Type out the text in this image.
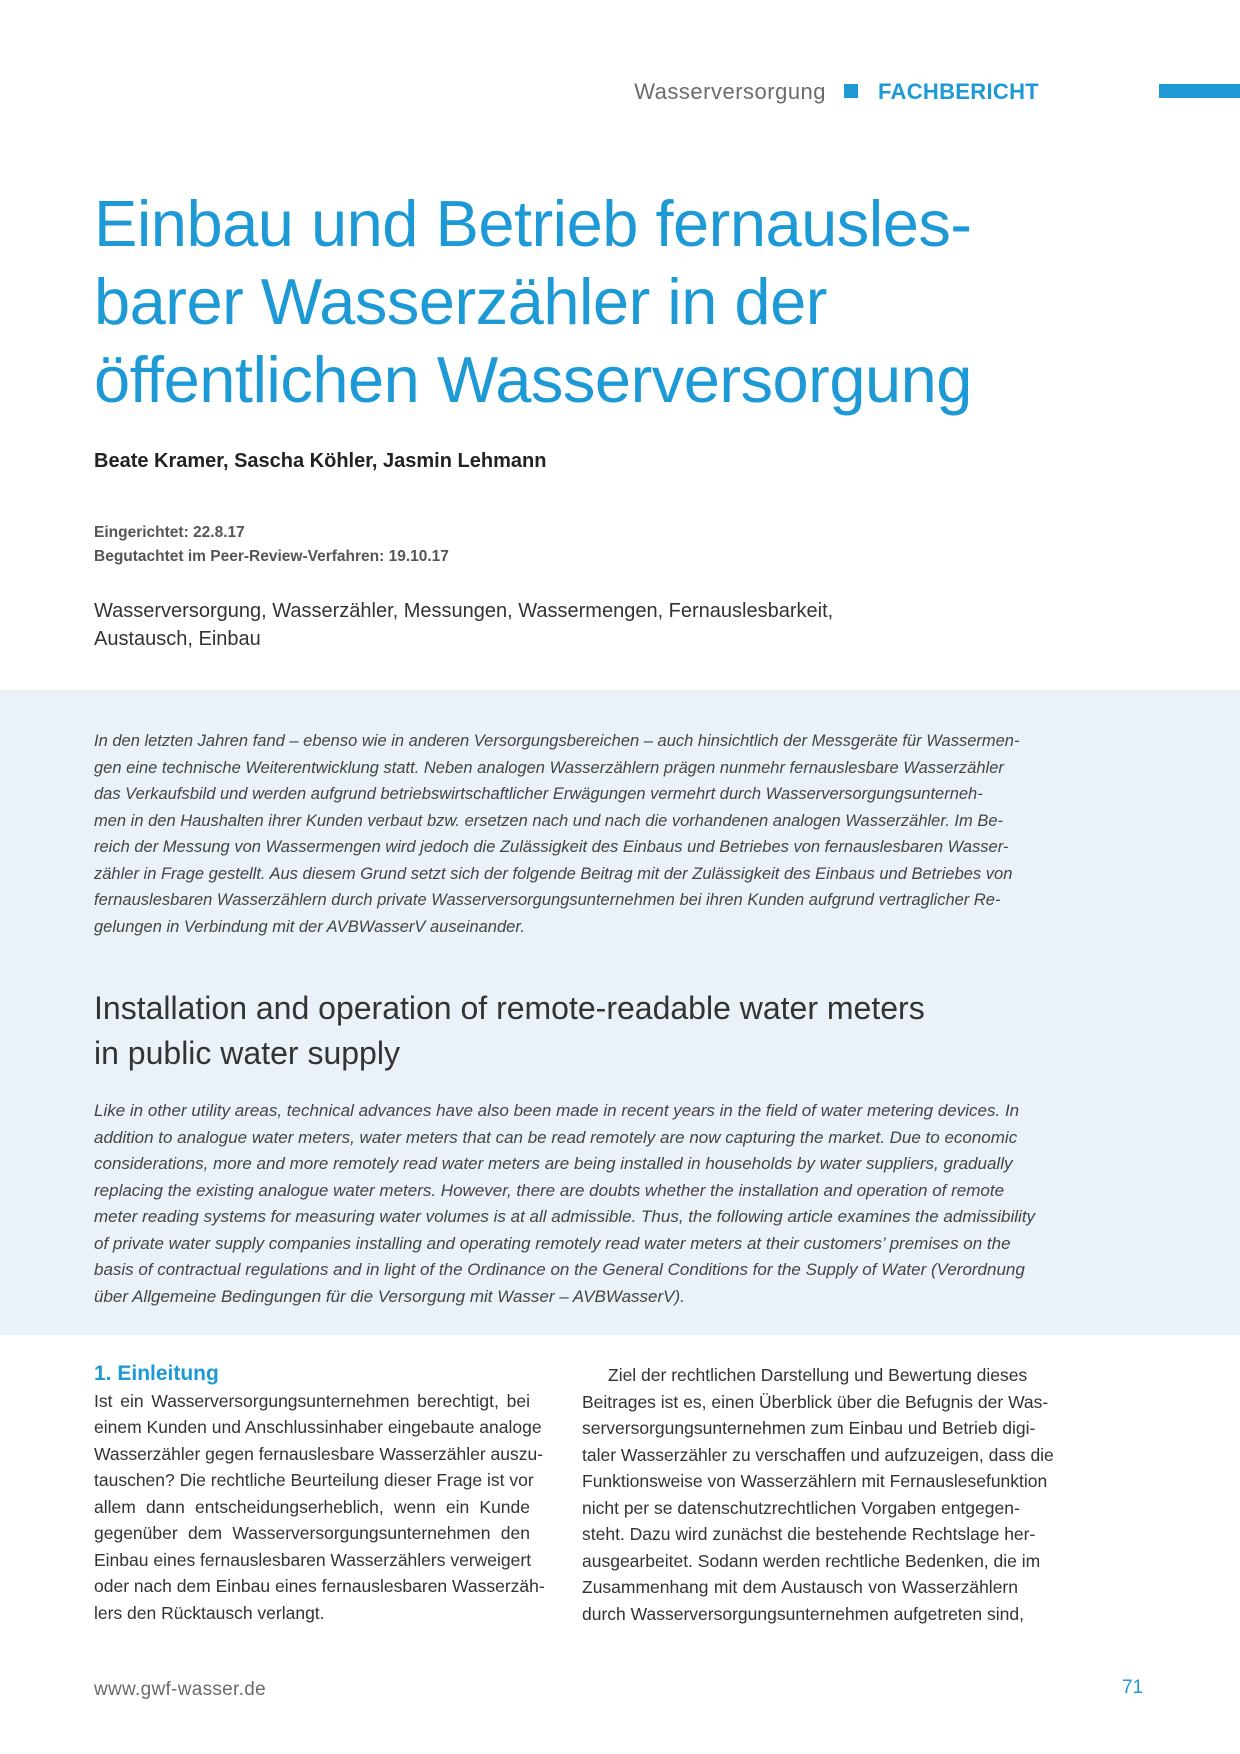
Wasserversorgung FACHBERICHT
Einbau und Betrieb fernausles-
barer Wasserzähler in der
öffentlichen Wasserversorgung
Beate Kramer, Sascha Köhler, Jasmin Lehmann
Eingerichtet: 22.8.17
Begutachtet im Peer-Review-Verfahren: 19.10.17
Wasserversorgung, Wasserzähler, Messungen, Wassermengen, Fernauslesbarkeit,
Austausch, Einbau
In den letzten Jahren fand – ebenso wie in anderen Versorgungsbereichen – auch hinsichtlich der Messgeräte für Wassermen-
gen eine technische Weiterentwicklung statt. Neben analogen Wasserzählern prägen nunmehr fernauslesbare Wasserzähler
das Verkaufsbild und werden aufgrund betriebswirtschaftlicher Erwägungen vermehrt durch Wasserversorgungsunterneh-
men in den Haushalten ihrer Kunden verbaut bzw. ersetzen nach und nach die vorhandenen analogen Wasserzähler. Im Be-
reich der Messung von Wassermengen wird jedoch die Zulässigkeit des Einbaus und Betriebes von fernauslesbaren Wasser-
zähler in Frage gestellt. Aus diesem Grund setzt sich der folgende Beitrag mit der Zulässigkeit des Einbaus und Betriebes von
fernauslesbaren Wasserzählern durch private Wasserversorgungsunternehmen bei ihren Kunden aufgrund vertraglicher Re-
gelungen in Verbindung mit der AVBWasserV auseinander.
Installation and operation of remote-readable water meters
in public water supply
Like in other utility areas, technical advances have also been made in recent years in the field of water metering devices. In
addition to analogue water meters, water meters that can be read remotely are now capturing the market. Due to economic
considerations, more and more remotely read water meters are being installed in households by water suppliers, gradually
replacing the existing analogue water meters. However, there are doubts whether the installation and operation of remote
meter reading systems for measuring water volumes is at all admissible. Thus, the following article examines the admissibility
of private water supply companies installing and operating remotely read water meters at their customers’ premises on the
basis of contractual regulations and in light of the Ordinance on the General Conditions for the Supply of Water (Verordnung
über Allgemeine Bedingungen für die Versorgung mit Wasser – AVBWasserV).
1. Einleitung
Ist ein Wasserversorgungsunternehmen berechtigt, bei
einem Kunden und Anschlussinhaber eingebaute analoge
Wasserzähler gegen fernauslesbare Wasserzähler auszu-
tauschen? Die rechtliche Beurteilung dieser Frage ist vor
allem dann entscheidungserheblich, wenn ein Kunde
gegenüber dem Wasserversorgungsunternehmen den
Einbau eines fernauslesbaren Wasserzählers verweigert
oder nach dem Einbau eines fernauslesbaren Wasserzäh-
lers den Rücktausch verlangt.
Ziel der rechtlichen Darstellung und Bewertung dieses
Beitrages ist es, einen Überblick über die Befugnis der Was-
serversorgungsunternehmen zum Einbau und Betrieb digi-
taler Wasserzähler zu verschaffen und aufzuzeigen, dass die
Funktionsweise von Wasserzählern mit Fernauslesefunktion
nicht per se datenschutzrechtlichen Vorgaben entgegen-
steht. Dazu wird zunächst die bestehende Rechtslage her-
ausgearbeitet. Sodann werden rechtliche Bedenken, die im
Zusammenhang mit dem Austausch von Wasserzählern
durch Wasserversorgungsunternehmen aufgetreten sind,
www.gwf-wasser.de	71
